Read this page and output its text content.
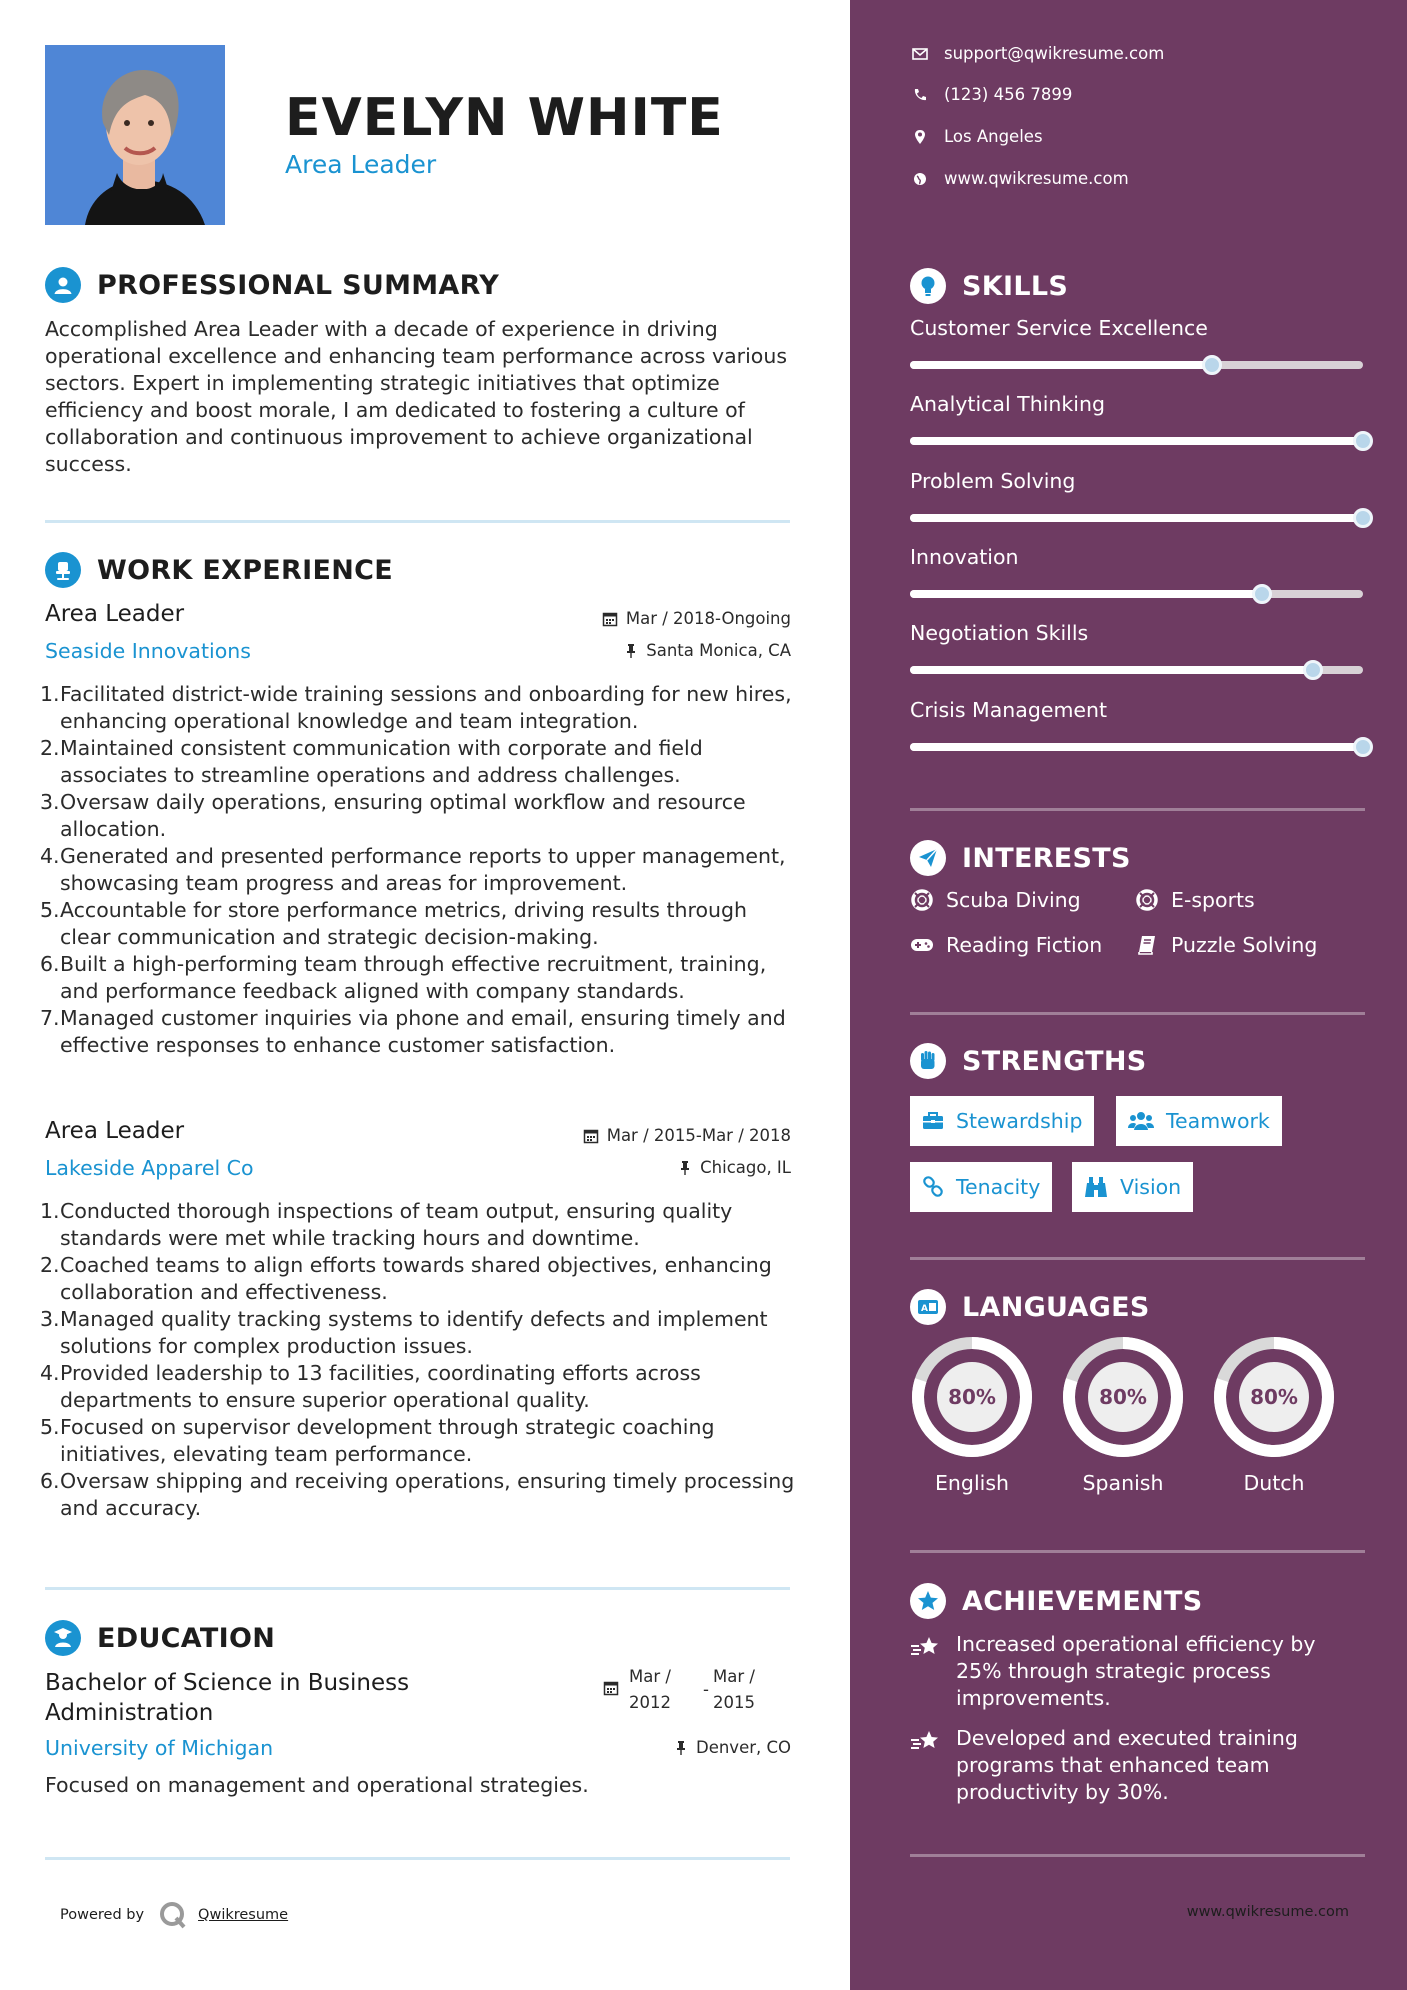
EVELYN WHITE
Area Leader
PROFESSIONAL SUMMARY
Accomplished Area Leader with a decade of experience in driving operational excellence and enhancing team performance across various sectors. Expert in implementing strategic initiatives that optimize efficiency and boost morale, I am dedicated to fostering a culture of collaboration and continuous improvement to achieve organizational success.
WORK EXPERIENCE
Area Leader
Seaside Innovations
Mar / 2018-Ongoing
Santa Monica, CA
1. Facilitated district-wide training sessions and onboarding for new hires, enhancing operational knowledge and team integration.
2. Maintained consistent communication with corporate and field associates to streamline operations and address challenges.
3. Oversaw daily operations, ensuring optimal workflow and resource allocation.
4. Generated and presented performance reports to upper management, showcasing team progress and areas for improvement.
5. Accountable for store performance metrics, driving results through clear communication and strategic decision-making.
6. Built a high-performing team through effective recruitment, training, and performance feedback aligned with company standards.
7. Managed customer inquiries via phone and email, ensuring timely and effective responses to enhance customer satisfaction.
Area Leader
Lakeside Apparel Co
Mar / 2015-Mar / 2018
Chicago, IL
1. Conducted thorough inspections of team output, ensuring quality standards were met while tracking hours and downtime.
2. Coached teams to align efforts towards shared objectives, enhancing collaboration and effectiveness.
3. Managed quality tracking systems to identify defects and implement solutions for complex production issues.
4. Provided leadership to 13 facilities, coordinating efforts across departments to ensure superior operational quality.
5. Focused on supervisor development through strategic coaching initiatives, elevating team performance.
6. Oversaw shipping and receiving operations, ensuring timely processing and accuracy.
EDUCATION
Bachelor of Science in Business Administration
University of Michigan
Mar /
2012
-
Mar /
2015
Denver, CO
Focused on management and operational strategies.
Powered by	Qwikresume
support@qwikresume.com
(123) 456 7899
Los Angeles
www.qwikresume.com
SKILLS
Customer Service Excellence
Analytical Thinking
Problem Solving
Innovation
Negotiation Skills
Crisis Management
INTERESTS
Scuba Diving	E-sports
Reading Fiction	Puzzle Solving
STRENGTHS
Stewardship	Teamwork
Tenacity	Vision
A LANGUAGES
80%
English
80%
Spanish
80%
Dutch
ACHIEVEMENTS
Increased operational efficiency by 25% through strategic process improvements.
Developed and executed training programs that enhanced team productivity by 30%.
www.qwikresume.com
